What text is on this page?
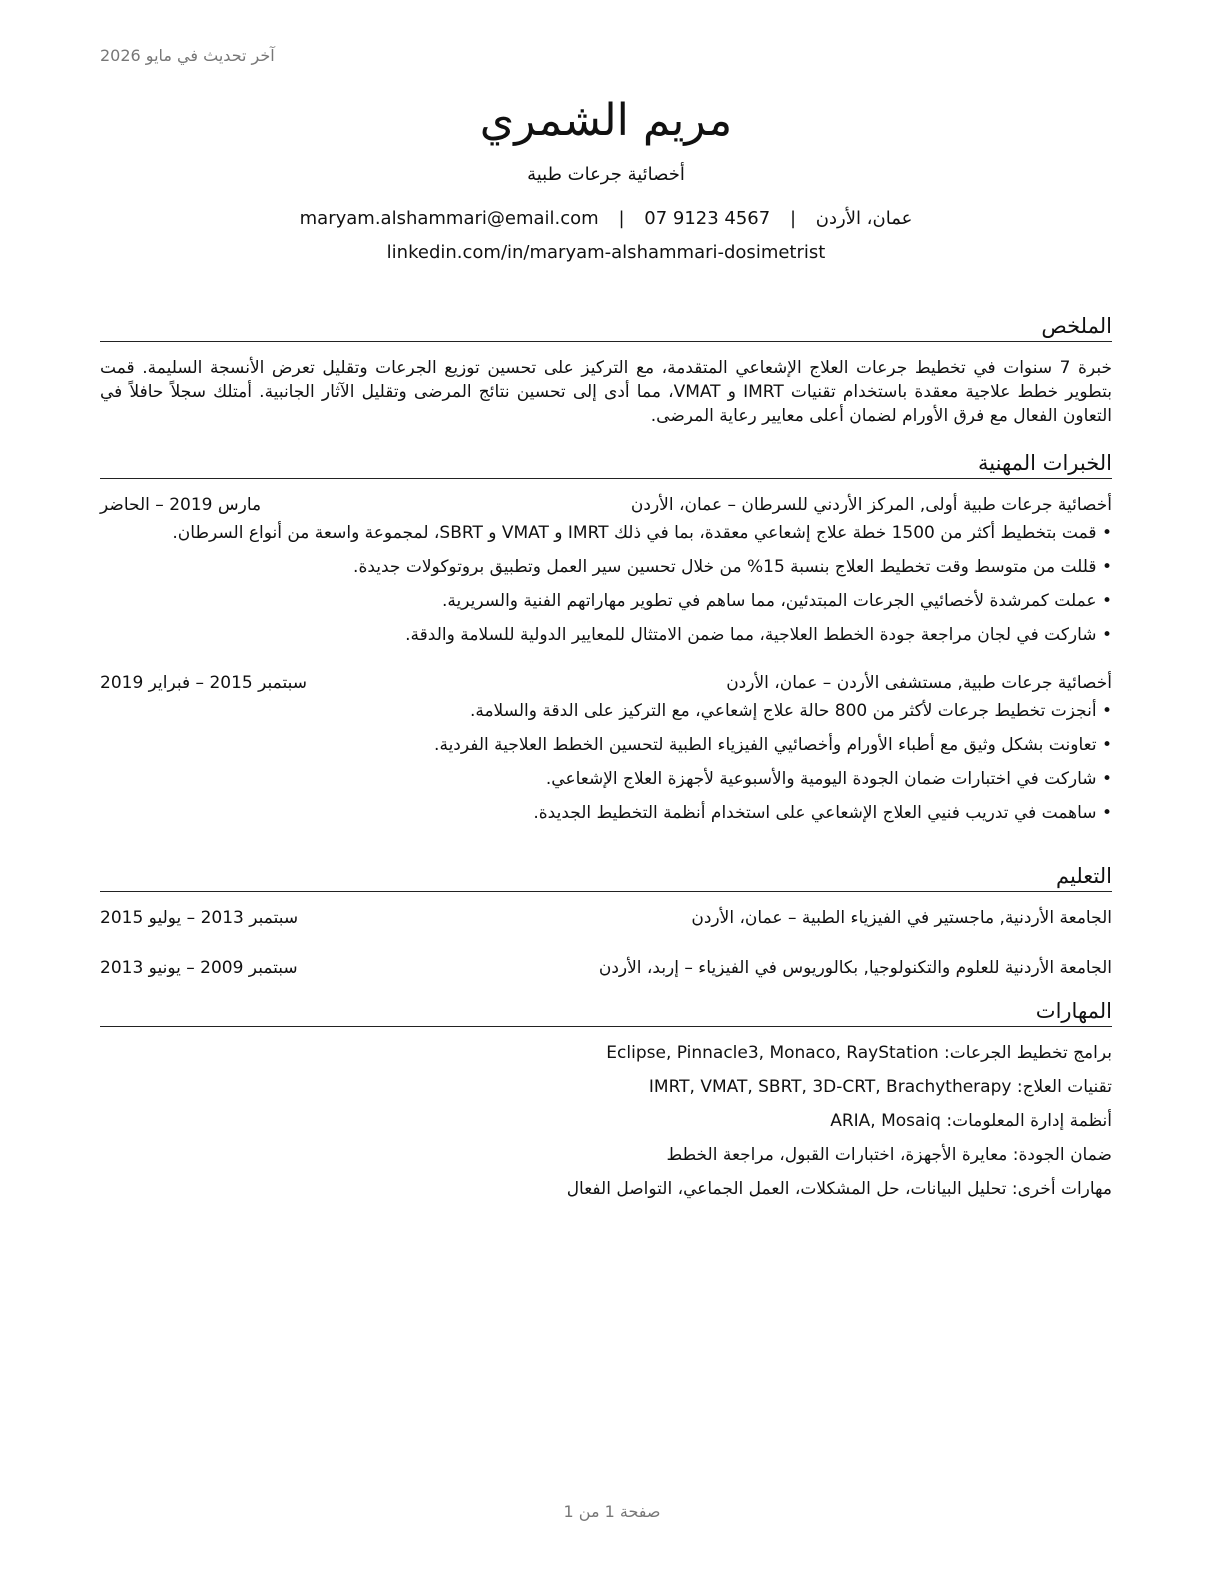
آخر تحديث في مايو 2026
مريم الشمري
أخصائية جرعات طبية
عمان، الأردن | maryam.alshammari@email.com | 07 9123 4567
linkedin.com/in/maryam-alshammari-dosimetrist
الملخص

خبرة 7 سنوات في تخطيط جرعات العلاج الإشعاعي المتقدمة، مع التركيز على تحسين توزيع الجرعات وتقليل تعرض الأنسجة السليمة. قمت بتطوير خطط علاجية معقدة باستخدام تقنيات IMRT و VMAT، مما أدى إلى تحسين نتائج المرضى وتقليل الآثار الجانبية. أمتلك سجلاً حافلاً في التعاون الفعال مع فرق الأورام لضمان أعلى معايير رعاية المرضى.

الخبرات المهنية
أخصائية جرعات طبية أولى, المركز الأردني للسرطان – عمان، الأردن
مارس 2019 – الحاضر
• قمت بتخطيط أكثر من 1500 خطة علاج إشعاعي معقدة، بما في ذلك IMRT و VMAT و SBRT، لمجموعة واسعة من أنواع السرطان.
• قللت من متوسط وقت تخطيط العلاج بنسبة 15% من خلال تحسين سير العمل وتطبيق بروتوكولات جديدة.
• عملت كمرشدة لأخصائيي الجرعات المبتدئين، مما ساهم في تطوير مهاراتهم الفنية والسريرية.
• شاركت في لجان مراجعة جودة الخطط العلاجية، مما ضمن الامتثال للمعايير الدولية للسلامة والدقة.
أخصائية جرعات طبية, مستشفى الأردن – عمان، الأردن
سبتمبر 2015 – فبراير 2019
• أنجزت تخطيط جرعات لأكثر من 800 حالة علاج إشعاعي، مع التركيز على الدقة والسلامة.
• تعاونت بشكل وثيق مع أطباء الأورام وأخصائيي الفيزياء الطبية لتحسين الخطط العلاجية الفردية.
• شاركت في اختبارات ضمان الجودة اليومية والأسبوعية لأجهزة العلاج الإشعاعي.
• ساهمت في تدريب فنيي العلاج الإشعاعي على استخدام أنظمة التخطيط الجديدة.
التعليم
الجامعة الأردنية, ماجستير في الفيزياء الطبية – عمان، الأردن
سبتمبر 2013 – يوليو 2015
الجامعة الأردنية للعلوم والتكنولوجيا, بكالوريوس في الفيزياء – إربد، الأردن
سبتمبر 2009 – يونيو 2013
المهارات
برامج تخطيط الجرعات: Eclipse, Pinnacle3, Monaco, RayStation
تقنيات العلاج: IMRT, VMAT, SBRT, 3D-CRT, Brachytherapy
أنظمة إدارة المعلومات: ARIA, Mosaiq
ضمان الجودة: معايرة الأجهزة، اختبارات القبول، مراجعة الخطط
مهارات أخرى: تحليل البيانات، حل المشكلات، العمل الجماعي، التواصل الفعال
صفحة 1 من 1
